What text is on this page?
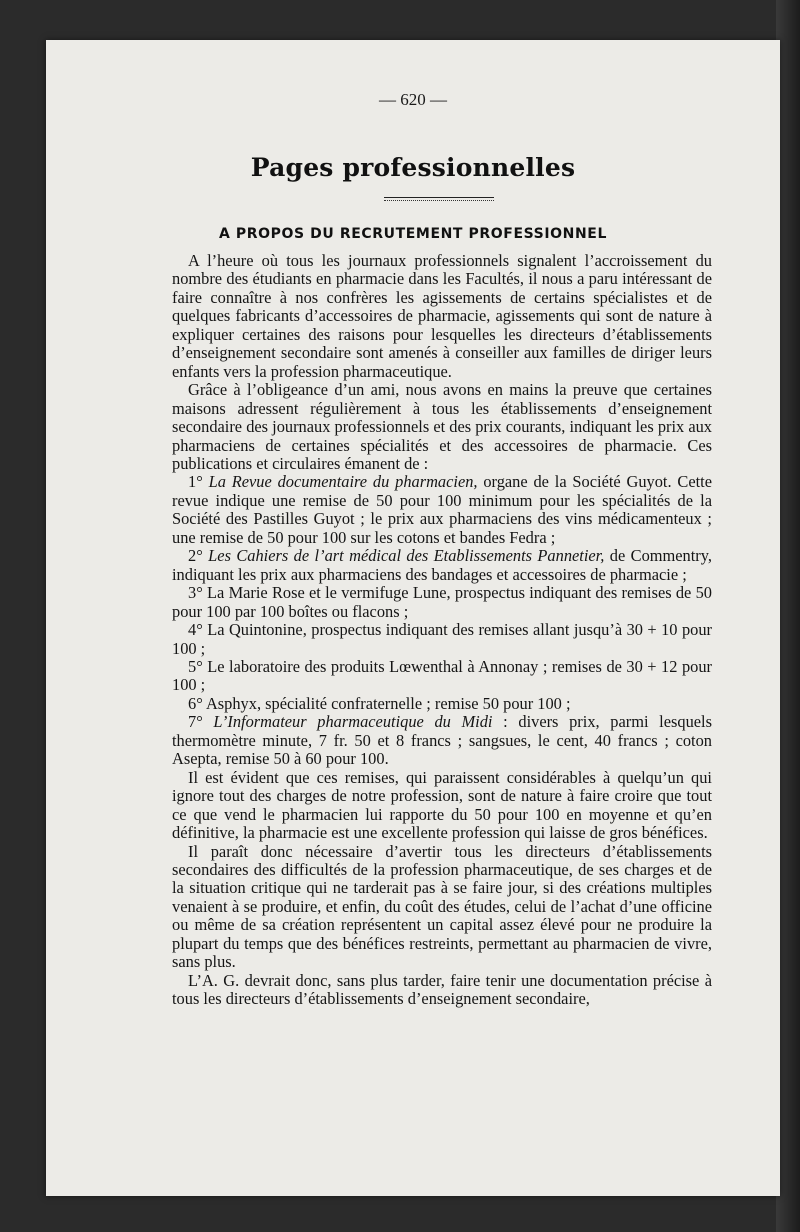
— 620 —
Pages professionnelles
A PROPOS DU RECRUTEMENT PROFESSIONNEL

A l’heure où tous les journaux professionnels signalent l’accroissement du nombre des étudiants en pharmacie dans les Facultés, il nous a paru intéressant de faire connaître à nos confrères les agissements de certains spécialistes et de quelques fabricants d’accessoires de pharmacie, agissements qui sont de nature à expliquer certaines des raisons pour lesquelles les directeurs d’établissements d’enseignement secondaire sont amenés à conseiller aux familles de diriger leurs enfants vers la profession pharmaceutique.

Grâce à l’obligeance d’un ami, nous avons en mains la preuve que certaines maisons adressent régulièrement à tous les établissements d’enseignement secondaire des journaux professionnels et des prix courants, indiquant les prix aux pharmaciens de certaines spécialités et des accessoires de pharmacie. Ces publications et circulaires émanent de :

1° La Revue documentaire du pharmacien, organe de la Société Guyot. Cette revue indique une remise de 50 pour 100 minimum pour les spécialités de la Société des Pastilles Guyot ; le prix aux pharmaciens des vins médicamenteux ; une remise de 50 pour 100 sur les cotons et bandes Fedra ;

2° Les Cahiers de l’art médical des Etablissements Pannetier, de Commentry, indiquant les prix aux pharmaciens des bandages et accessoires de pharmacie ;

3° La Marie Rose et le vermifuge Lune, prospectus indiquant des remises de 50 pour 100 par 100 boîtes ou flacons ;

4° La Quintonine, prospectus indiquant des remises allant jusqu’à 30 + 10 pour 100 ;

5° Le laboratoire des produits Lœwenthal à Annonay ; remises de 30 + 12 pour 100 ;

6° Asphyx, spécialité confraternelle ; remise 50 pour 100 ;

7° L’Informateur pharmaceutique du Midi : divers prix, parmi lesquels thermomètre minute, 7 fr. 50 et 8 francs ; sangsues, le cent, 40 francs ; coton Asepta, remise 50 à 60 pour 100.

Il est évident que ces remises, qui paraissent considérables à quelqu’un qui ignore tout des charges de notre profession, sont de nature à faire croire que tout ce que vend le pharmacien lui rapporte du 50 pour 100 en moyenne et qu’en définitive, la pharmacie est une excellente profession qui laisse de gros bénéfices.

Il paraît donc nécessaire d’avertir tous les directeurs d’établissements secondaires des difficultés de la profession pharmaceutique, de ses charges et de la situation critique qui ne tarderait pas à se faire jour, si des créations multiples venaient à se produire, et enfin, du coût des études, celui de l’achat d’une officine ou même de sa création représentent un capital assez élevé pour ne produire la plupart du temps que des bénéfices restreints, permettant au pharmacien de vivre, sans plus.

L’A. G. devrait donc, sans plus tarder, faire tenir une documentation précise à tous les directeurs d’établissements d’enseignement secondaire,
